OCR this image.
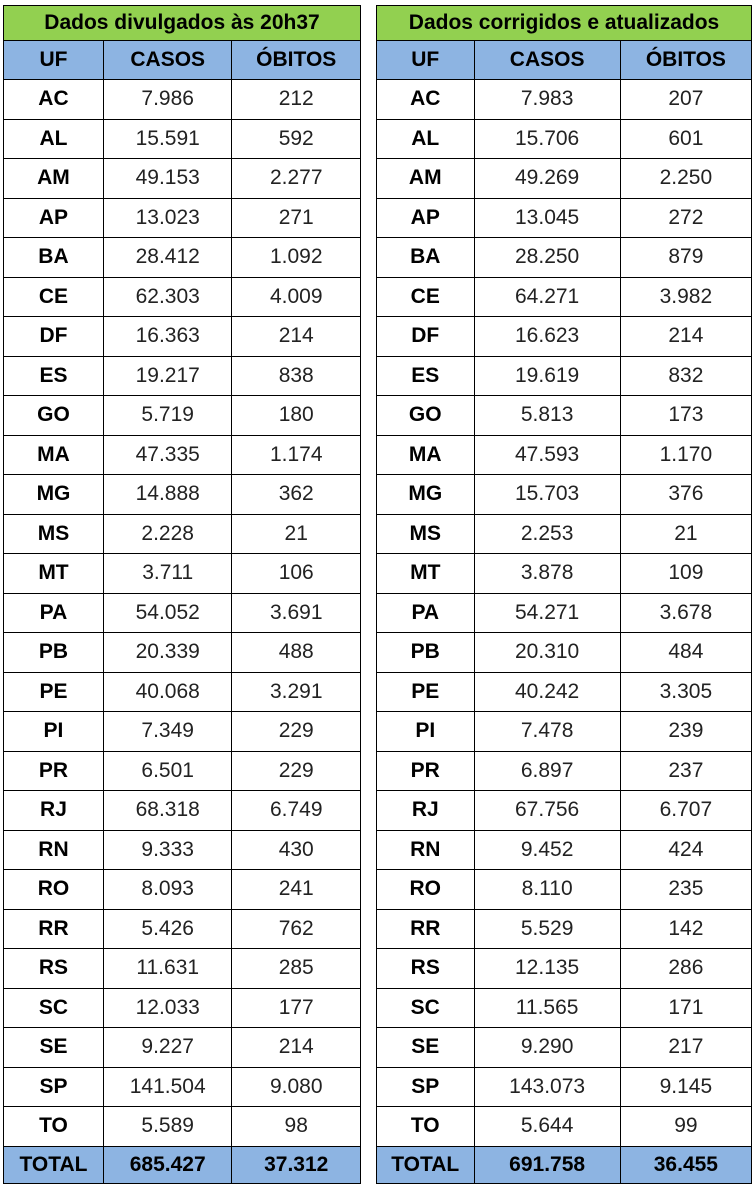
Dados divulgados às 20h37		
UF	CASOS	ÓBITOS
AC	7.986	212
AL	15.591	592
AM	49.153	2.277
AP	13.023	271
BA	28.412	1.092
CE	62.303	4.009
DF	16.363	214
ES	19.217	838
GO	5.719	180
MA	47.335	1.174
MG	14.888	362
MS	2.228	21
MT	3.711	106
PA	54.052	3.691
PB	20.339	488
PE	40.068	3.291
PI	7.349	229
PR	6.501	229
RJ	68.318	6.749
RN	9.333	430
RO	8.093	241
RR	5.426	762
RS	11.631	285
SC	12.033	177
SE	9.227	214
SP	141.504	9.080
TO	5.589	98
TOTAL	685.427	37.312
Dados corrigidos e atualizados		
UF	CASOS	ÓBITOS
AC	7.983	207
AL	15.706	601
AM	49.269	2.250
AP	13.045	272
BA	28.250	879
CE	64.271	3.982
DF	16.623	214
ES	19.619	832
GO	5.813	173
MA	47.593	1.170
MG	15.703	376
MS	2.253	21
MT	3.878	109
PA	54.271	3.678
PB	20.310	484
PE	40.242	3.305
PI	7.478	239
PR	6.897	237
RJ	67.756	6.707
RN	9.452	424
RO	8.110	235
RR	5.529	142
RS	12.135	286
SC	11.565	171
SE	9.290	217
SP	143.073	9.145
TO	5.644	99
TOTAL	691.758	36.455
